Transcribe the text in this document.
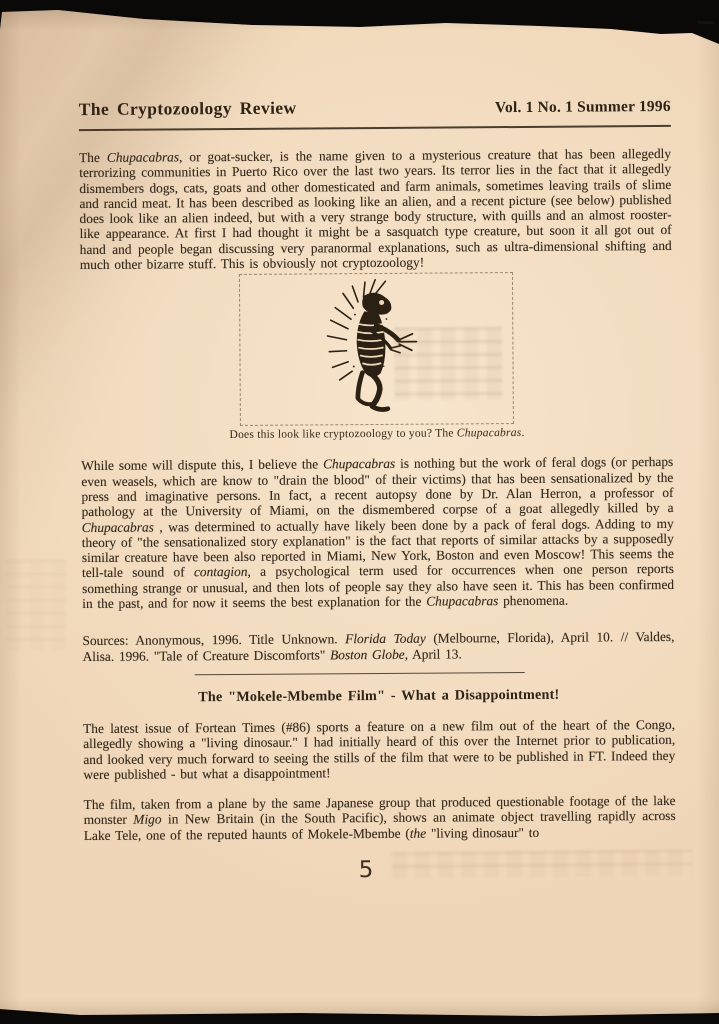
The Cryptozoology Review	Vol. 1 No. 1 Summer 1996

The Chupacabras, or goat-sucker, is the name given to a mysterious creature that has been allegedly terrorizing communities in Puerto Rico over the last two years. Its terror lies in the fact that it allegedly dismembers dogs, cats, goats and other domesticated and farm animals, sometimes leaving trails of slime and rancid meat. It has been described as looking like an alien, and a recent picture (see below) published does look like an alien indeed, but with a very strange body structure, with quills and an almost rooster-like appearance. At first I had thought it might be a sasquatch type creature, but soon it all got out of hand and people began discussing very paranormal explanations, such as ultra-dimensional shifting and much other bizarre stuff. This is obviously not cryptozoology!

Does this look like cryptozoology to you? The Chupacabras.

While some will dispute this, I believe the Chupacabras is nothing but the work of feral dogs (or perhaps even weasels, which are know to "drain the blood" of their victims) that has been sensationalized by the press and imaginative persons. In fact, a recent autopsy done by Dr. Alan Herron, a professor of pathology at the University of Miami, on the dismembered corpse of a goat allegedly killed by a Chupacabras , was determined to actually have likely been done by a pack of feral dogs. Adding to my theory of "the sensationalized story explanation" is the fact that reports of similar attacks by a supposedly similar creature have been also reported in Miami, New York, Boston and even Moscow! This seems the tell-tale sound of contagion, a psychological term used for occurrences when one person reports something strange or unusual, and then lots of people say they also have seen it. This has been confirmed in the past, and for now it seems the best explanation for the Chupacabras phenomena.

Sources: Anonymous, 1996. Title Unknown. Florida Today (Melbourne, Florida), April 10. // Valdes, Alisa. 1996. "Tale of Creature Discomforts" Boston Globe, April 13.

The "Mokele-Mbembe Film" - What a Disappointment!

The latest issue of Fortean Times (#86) sports a feature on a new film out of the heart of the Congo, allegedly showing a "living dinosaur." I had initially heard of this over the Internet prior to publication, and looked very much forward to seeing the stills of the film that were to be published in FT. Indeed they were published - but what a disappointment!

The film, taken from a plane by the same Japanese group that produced questionable footage of the lake monster Migo in New Britain (in the South Pacific), shows an animate object travelling rapidly across Lake Tele, one of the reputed haunts of Mokele-Mbembe (the "living dinosaur" to

5
